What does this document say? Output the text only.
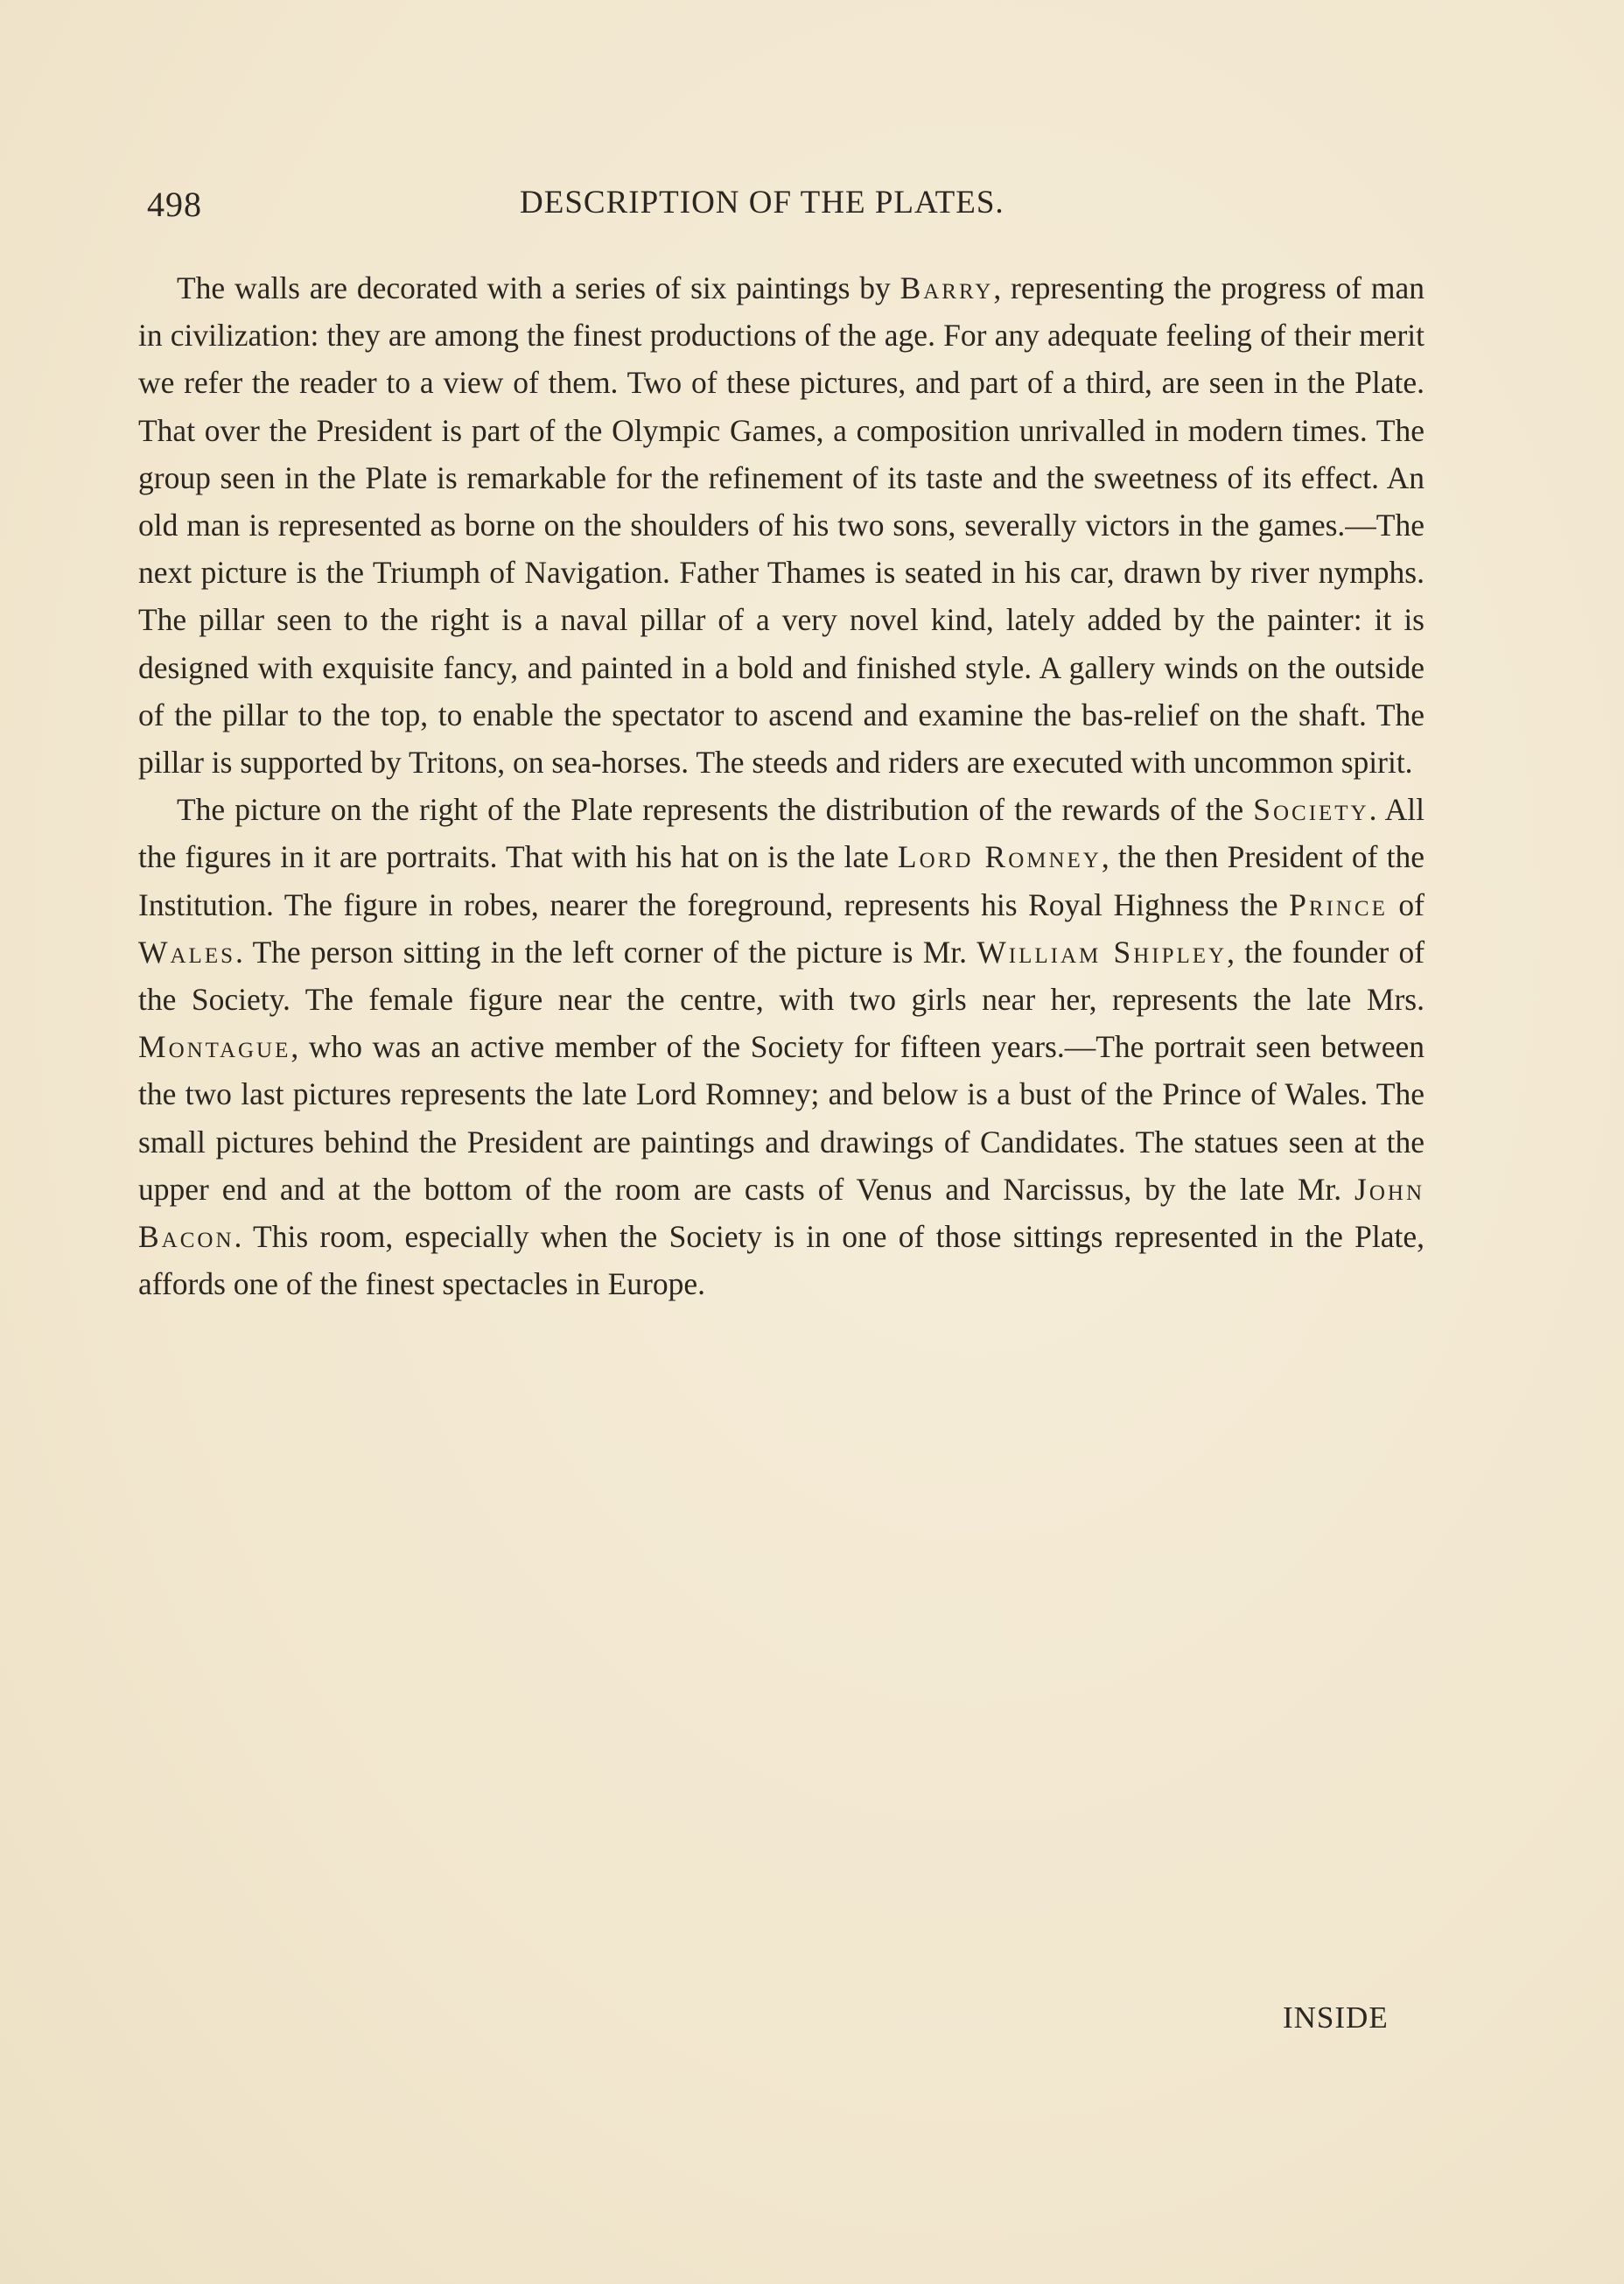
498	DESCRIPTION OF THE PLATES.

The walls are decorated with a series of six paintings by Barry, representing the progress of man in civilization: they are among the finest productions of the age. For any adequate feeling of their merit we refer the reader to a view of them. Two of these pictures, and part of a third, are seen in the Plate. That over the President is part of the Olympic Games, a composition unrivalled in modern times. The group seen in the Plate is remarkable for the refinement of its taste and the sweetness of its effect. An old man is represented as borne on the shoulders of his two sons, severally victors in the games.—The next picture is the Triumph of Navigation. Father Thames is seated in his car, drawn by river nymphs. The pillar seen to the right is a naval pillar of a very novel kind, lately added by the painter: it is designed with exquisite fancy, and painted in a bold and finished style. A gallery winds on the outside of the pillar to the top, to enable the spectator to ascend and examine the bas-relief on the shaft. The pillar is supported by Tritons, on sea-horses. The steeds and riders are executed with uncommon spirit.

The picture on the right of the Plate represents the distribution of the rewards of the Society. All the figures in it are portraits. That with his hat on is the late Lord Romney, the then President of the Institution. The figure in robes, nearer the foreground, represents his Royal Highness the Prince of Wales. The person sitting in the left corner of the picture is Mr. William Shipley, the founder of the Society. The female figure near the centre, with two girls near her, represents the late Mrs. Montague, who was an active member of the Society for fifteen years.—The portrait seen between the two last pictures represents the late Lord Romney; and below is a bust of the Prince of Wales. The small pictures behind the President are paintings and drawings of Candidates. The statues seen at the upper end and at the bottom of the room are casts of Venus and Narcissus, by the late Mr. John Bacon. This room, especially when the Society is in one of those sittings represented in the Plate, affords one of the finest spectacles in Europe.

INSIDE
